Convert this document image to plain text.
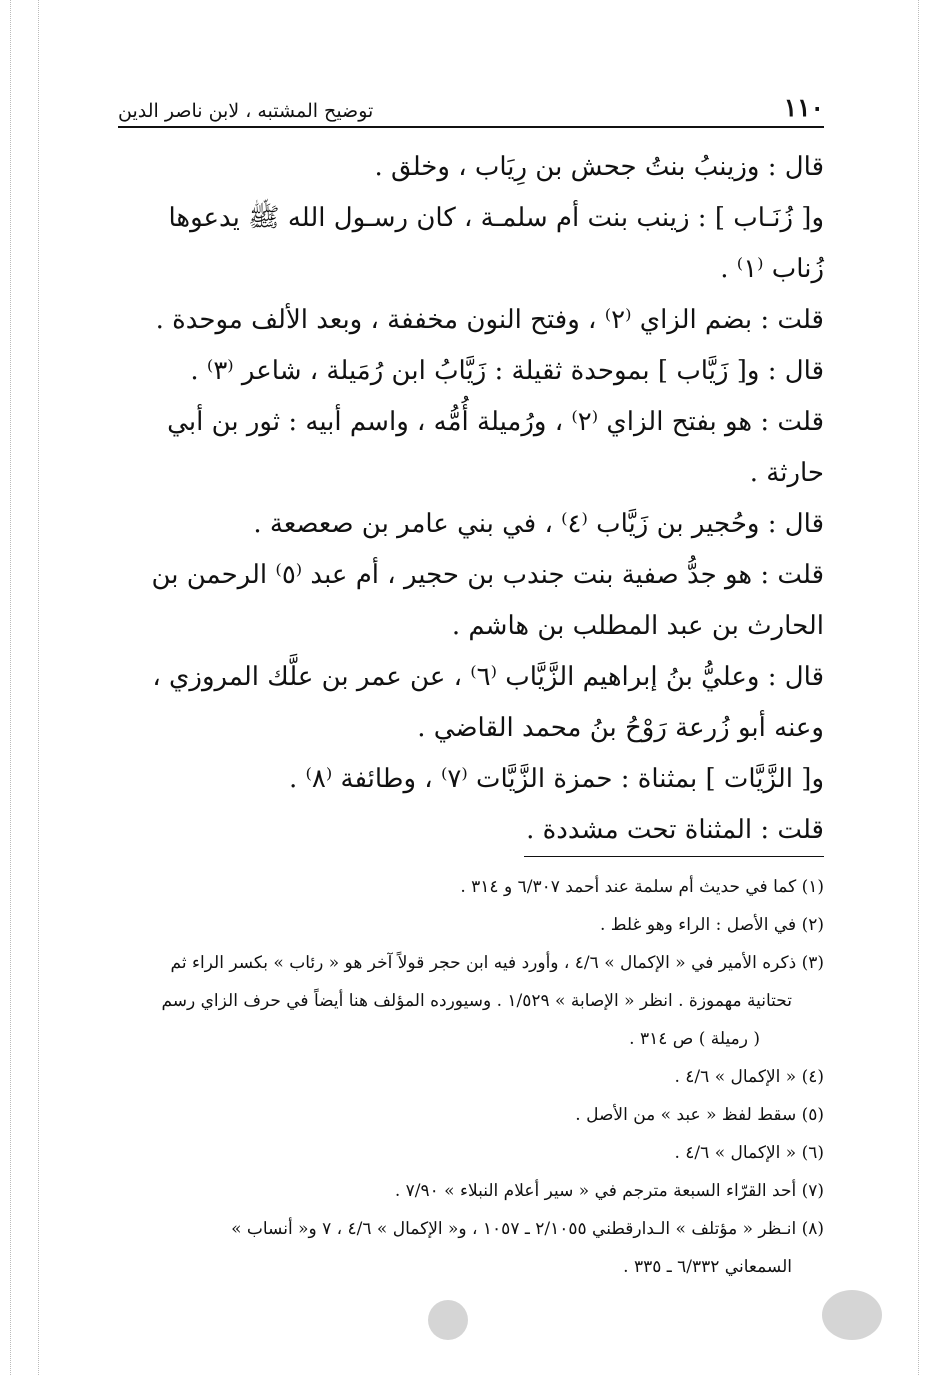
١١٠
توضيح المشتبه ، لابن ناصر الدين

قال : وزينبُ بنتُ جحش بن رِيَاب ، وخلق .

و[ زُنَـاب ] : زينب بنت أم سلمـة ، كان رسـول الله ﷺ يدعوها

زُناب ⁽١⁾ .

قلت : بضم الزاي ⁽٢⁾ ، وفتح النون مخففة ، وبعد الألف موحدة .

قال : و[ زَيَّاب ] بموحدة ثقيلة : زَيَّابُ ابن رُمَيلة ، شاعر ⁽٣⁾ .

قلت : هو بفتح الزاي ⁽٢⁾ ، ورُميلة أُمُّه ، واسم أبيه : ثور بن أبي

حارثة .

قال : وحُجير بن زَيَّاب ⁽٤⁾ ، في بني عامر بن صعصعة .

قلت : هو جدُّ صفية بنت جندب بن حجير ، أم عبد ⁽٥⁾ الرحمن بن

الحارث بن عبد المطلب بن هاشم .

قال : وعليُّ بنُ إبراهيم الزَّيَّاب ⁽٦⁾ ، عن عمر بن علَّك المروزي ،

وعنه أبو زُرعة رَوْحُ بنُ محمد القاضي .

و[ الزَّيَّات ] بمثناة : حمزة الزَّيَّات ⁽٧⁾ ، وطائفة ⁽٨⁾ .

قلت : المثناة تحت مشددة .

(١) كما في حديث أم سلمة عند أحمد ٦/٣٠٧ و ٣١٤ .

(٢) في الأصل : الراء وهو غلط .

(٣) ذكره الأمير في « الإكمال » ٤/٦ ، وأورد فيه ابن حجر قولاً آخر هو « رئاب » بكسر الراء ثم

تحتانية مهموزة . انظر « الإصابة » ١/٥٢٩ . وسيورده المؤلف هنا أيضاً في حرف الزاي رسم

( رميلة ) ص ٣١٤ .

(٤) « الإكمال » ٤/٦ .

(٥) سقط لفظ « عبد » من الأصل .

(٦) « الإكمال » ٤/٦ .

(٧) أحد القرّاء السبعة مترجم في « سير أعلام النبلاء » ٧/٩٠ .

(٨) انـظر « مؤتلف » الـدارقطني ٢/١٠٥٥ ـ ١٠٥٧ ، و« الإكمال » ٤/٦ ، ٧ و« أنساب »

السمعاني ٦/٣٣٢ ـ ٣٣٥ .
